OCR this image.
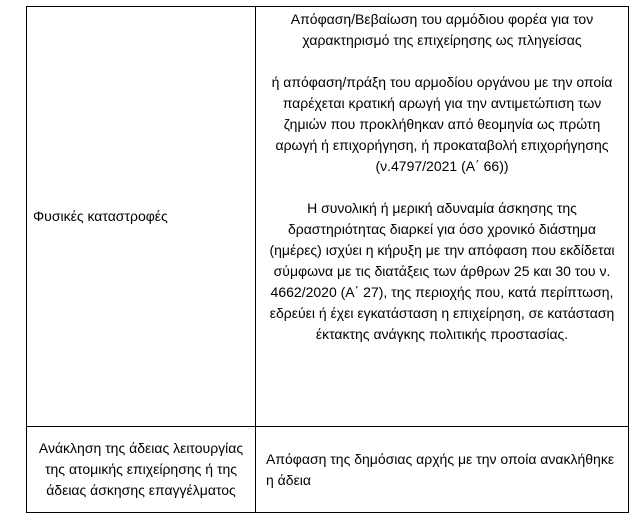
Φυσικές καταστροφές	Απόφαση/Βεβαίωση του αρμόδιου φορέα για τον χαρακτηρισμό της επιχείρησης ως πληγείσας

ή απόφαση/πράξη του αρμοδίου οργάνου με την οποία παρέχεται κρατική αρωγή για την αντιμετώπιση των ζημιών που προκλήθηκαν από θεομηνία ως πρώτη αρωγή ή επιχορήγηση, ή προκαταβολή επιχορήγησης (ν.4797/2021 (Α΄ 66))

Η συνολική ή μερική αδυναμία άσκησης της δραστηριότητας διαρκεί για όσο χρονικό διάστημα (ημέρες) ισχύει η κήρυξη με την απόφαση που εκδίδεται σύμφωνα με τις διατάξεις των άρθρων 25 και 30 του ν. 4662/2020 (Α΄ 27), της περιοχής που, κατά περίπτωση, εδρεύει ή έχει εγκατάσταση η επιχείρηση, σε κατάσταση έκτακτης ανάγκης πολιτικής προστασίας.

Ανάκληση της άδειας λειτουργίας της ατομικής επιχείρησης ή της άδειας άσκησης επαγγέλματος	Απόφαση της δημόσιας αρχής με την οποία ανακλήθηκε η άδεια
